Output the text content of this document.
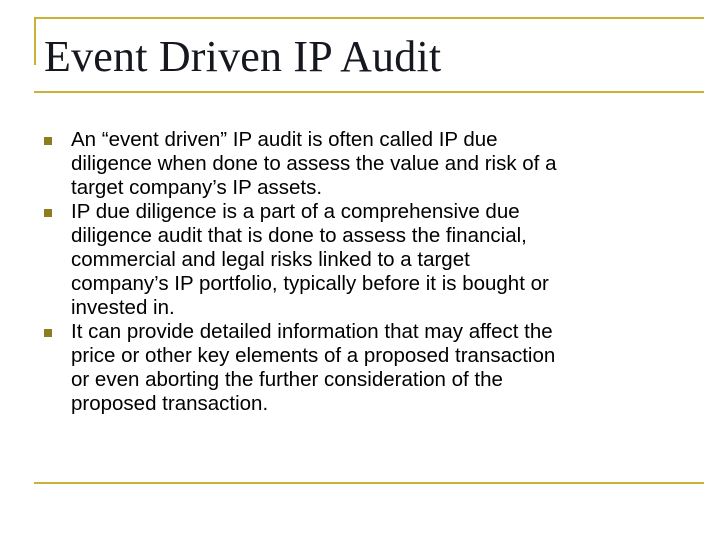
Event Driven IP Audit
An “event driven” IP audit is often called IP due
diligence when done to assess the value and risk of a
target company’s IP assets.
IP due diligence is a part of a comprehensive due
diligence audit that is done to assess the financial,
commercial and legal risks linked to a target
company’s IP portfolio, typically before it is bought or
invested in.
It can provide detailed information that may affect the
price or other key elements of a proposed transaction
or even aborting the further consideration of the
proposed transaction.
